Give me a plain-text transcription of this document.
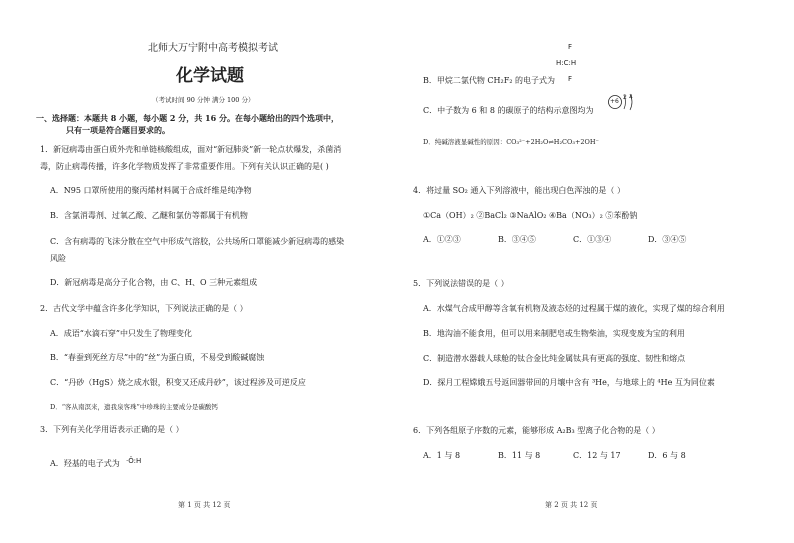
北师大万宁附中高考模拟考试
化学试题
（考试时间 90 分钟 满分 100 分）
一、选择题：本题共 8 小题，每小题 2 分，共 16 分。在每小题给出的四个选项中，
只有一项是符合题目要求的。
1．新冠病毒由蛋白质外壳和单链核酸组成，面对“新冠肺炎”新一轮点状爆发，杀菌消
毒，防止病毒传播，许多化学物质发挥了非常重要作用。下列有关认识正确的是( )
A．N95 口罩所使用的聚丙烯材料属于合成纤维是纯净物
B．含氯消毒剂、过氧乙酸、乙醚和氯仿等都属于有机物
C．含有病毒的飞沫分散在空气中形成气溶胶，公共场所口罩能减少新冠病毒的感染
风险
D．新冠病毒是高分子化合物，由 C、H、O 三种元素组成
2．古代文学中蕴含许多化学知识，下列说法正确的是（ ）
A．成语“水滴石穿”中只发生了物理变化
B．“春蚕到死丝方尽”中的“丝”为蛋白质，不易受到酸碱腐蚀
C．“丹砂（HgS）烧之成水银，积变又还成丹砂”，该过程涉及可逆反应
D．“客从南溟来，遗我泉客珠”中珍珠的主要成分是碳酸钙
3．下列有关化学用语表示正确的是（ ）
A．羟基的电子式为 ·Ö:H
第 1 页 共 12 页
F
H:C:H
F
B．甲烷二氯代物 CH₂F₂ 的电子式为
+6
2 4
C．中子数为 6 和 8 的碳原子的结构示意图均为
D．纯碱溶液显碱性的原因：CO₃²⁻+2H₂O⇌H₂CO₃+2OH⁻
4．将过量 SO₂ 通入下列溶液中，能出现白色浑浊的是（ ）
①Ca（OH）₂ ②BaCl₂ ③NaAlO₂ ④Ba（NO₃）₂ ⑤苯酚钠
A．①②③	B．③④⑤	C．①③④	D．③④⑤
5．下列说法错误的是（ ）
A．水煤气合成甲醇等含氧有机物及液态烃的过程属于煤的液化，实现了煤的综合利用
B．地沟油不能食用，但可以用来制肥皂或生物柴油，实现变废为宝的利用
C．制造潜水器载人球舱的钛合金比纯金属钛具有更高的强度、韧性和熔点
D．探月工程嫦娥五号返回器带回的月壤中含有 ³He，与地球上的 ⁴He 互为同位素
6．下列各组原子序数的元素，能够形成 A₂B₃ 型离子化合物的是（ ）
A．1 与 8	B．11 与 8	C．12 与 17	D．6 与 8
第 2 页 共 12 页
